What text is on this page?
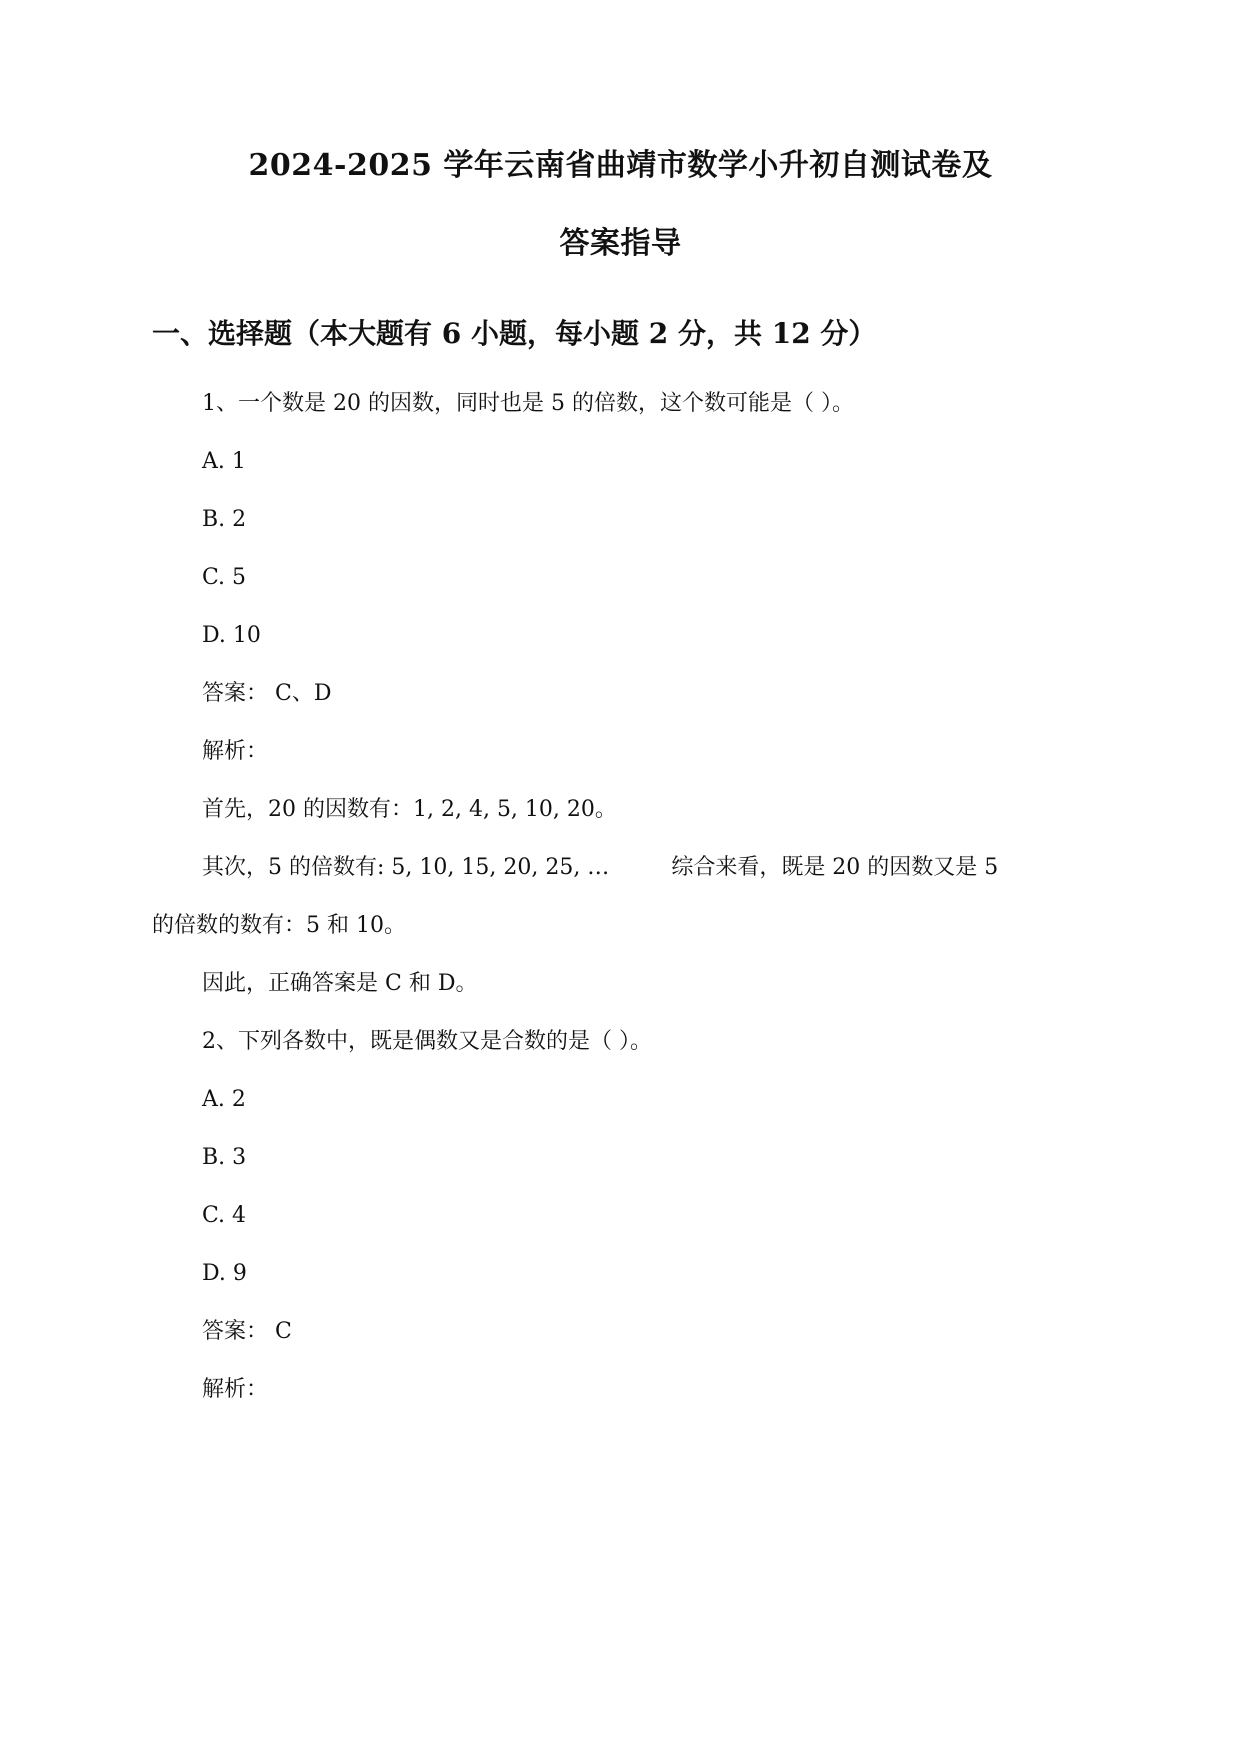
2024-2025 学年云南省曲靖市数学小升初自测试卷及
答案指导
一、选择题（本大题有 6 小题，每小题 2 分，共 12 分）
1、一个数是 20 的因数，同时也是 5 的倍数，这个数可能是（ ）。
A. 1
B. 2
C. 5
D. 10
答案： C、D
解析：
首先，20 的因数有：1, 2, 4, 5, 10, 20。
其次，5 的倍数有: 5, 10, 15, 20, 25, …	综合来看，既是 20 的因数又是 5
的倍数的数有：5 和 10。
因此，正确答案是 C 和 D。
2、下列各数中，既是偶数又是合数的是（ ）。
A. 2
B. 3
C. 4
D. 9
答案： C
解析：
